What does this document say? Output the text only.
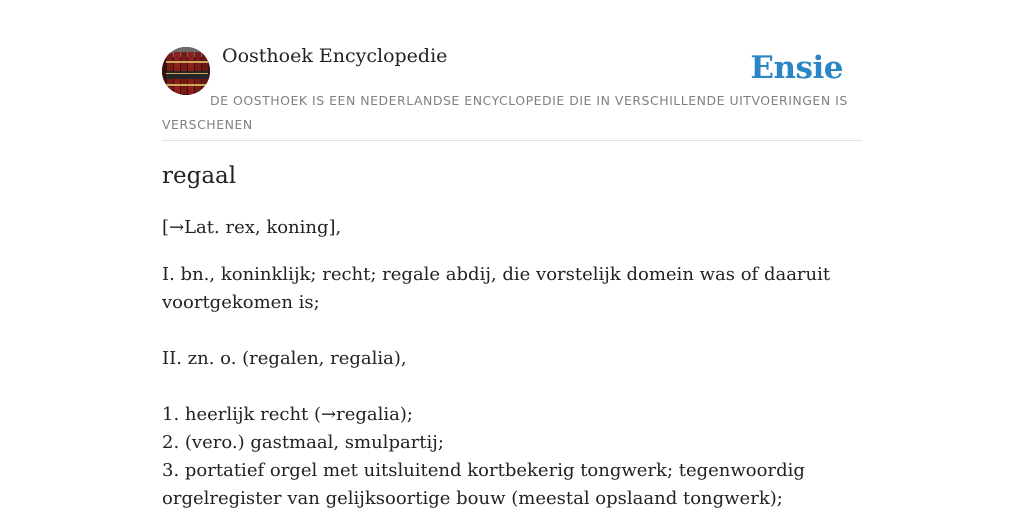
Oosthoek Encyclopedie	Ensie
DE OOSTHOEK IS EEN NEDERLANDSE ENCYCLOPEDIE DIE IN VERSCHILLENDE UITVOERINGEN IS VERSCHENEN
regaal

[→Lat. rex, koning],

I. bn., koninklijk; recht; regale abdij, die vorstelijk domein was of daaruit voortgekomen is;

II. zn. o. (regalen, regalia),

1. heerlijk recht (→regalia);

2. (vero.) gastmaal, smulpartij;

3. portatief orgel met uitsluitend kortbekerig tongwerk; tegenwoordig orgelregister van gelijksoortige bouw (meestal opslaand tongwerk);
